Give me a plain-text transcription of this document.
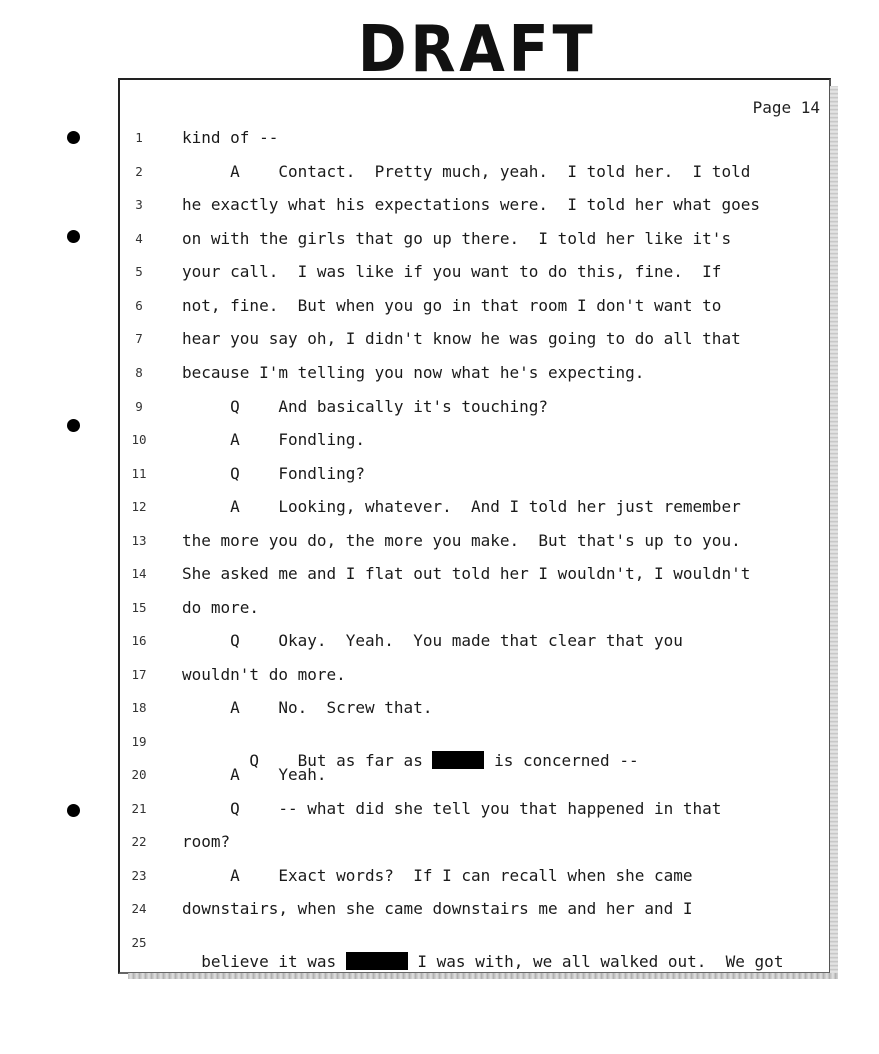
DRAFT
Page 14
1
2
3
4
5
6
7
8
9
10
11
12
13
14
15
16
17
18
19
20
21
22
23
24
25
kind of --
A    Contact.  Pretty much, yeah.  I told her.  I told
he exactly what his expectations were.  I told her what goes
on with the girls that go up there.  I told her like it's
your call.  I was like if you want to do this, fine.  If
not, fine.  But when you go in that room I don't want to
hear you say oh, I didn't know he was going to do all that
because I'm telling you now what he's expecting.
Q    And basically it's touching?
A    Fondling.
Q    Fondling?
A    Looking, whatever.  And I told her just remember
the more you do, the more you make.  But that's up to you.
She asked me and I flat out told her I wouldn't, I wouldn't
do more.
Q    Okay.  Yeah.  You made that clear that you
wouldn't do more.
A    No.  Screw that.

Q    But as far as	is concerned --

A    Yeah.
Q    -- what did she tell you that happened in that
room?
A    Exact words?  If I can recall when she came
downstairs, when she came downstairs me and her and I

believe it was	I was with, we all walked out.  We got
